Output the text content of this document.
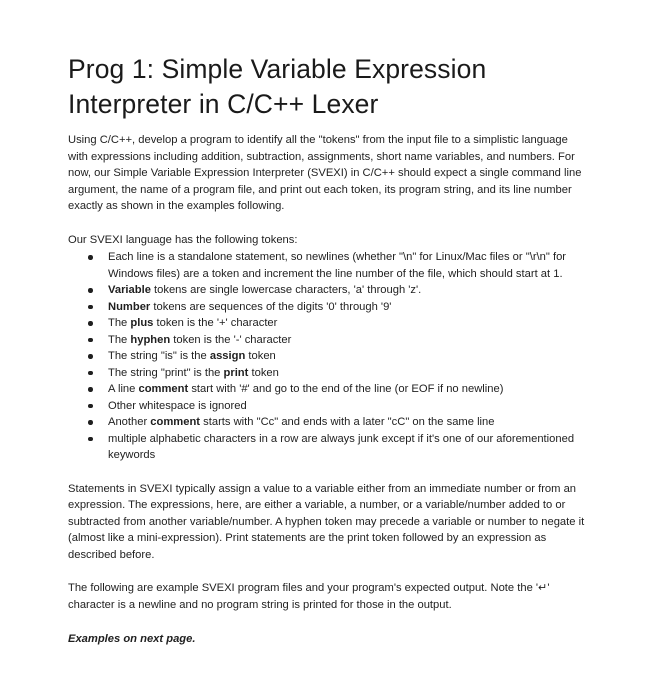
Prog 1: Simple Variable Expression
Interpreter in C/C++ Lexer

Using C/C++, develop a program to identify all the "tokens" from the input file to a simplistic language with expressions including addition, subtraction, assignments, short name variables, and numbers. For now, our Simple Variable Expression Interpreter (SVEXI) in C/C++ should expect a single command line argument, the name of a program file, and print out each token, its program string, and its line number exactly as shown in the examples following.

Our SVEXI language has the following tokens:

Each line is a standalone statement, so newlines (whether "\n" for Linux/Mac files or "\r\n" for Windows files) are a token and increment the line number of the file, which should start at 1.
Variable tokens are single lowercase characters, 'a' through 'z'.
Number tokens are sequences of the digits '0' through '9'
The plus token is the '+' character
The hyphen token is the '-' character
The string "is" is the assign token
The string "print" is the print token
A line comment start with '#' and go to the end of the line (or EOF if no newline)
Other whitespace is ignored
Another comment starts with "Cc" and ends with a later "cC" on the same line
multiple alphabetic characters in a row are always junk except if it's one of our aforementioned keywords

Statements in SVEXI typically assign a value to a variable either from an immediate number or from an expression. The expressions, here, are either a variable, a number, or a variable/number added to or subtracted from another variable/number. A hyphen token may precede a variable or number to negate it (almost like a mini-expression). Print statements are the print token followed by an expression as described before.

The following are example SVEXI program files and your program's expected output. Note the '↵' character is a newline and no program string is printed for those in the output.

Examples on next page.
